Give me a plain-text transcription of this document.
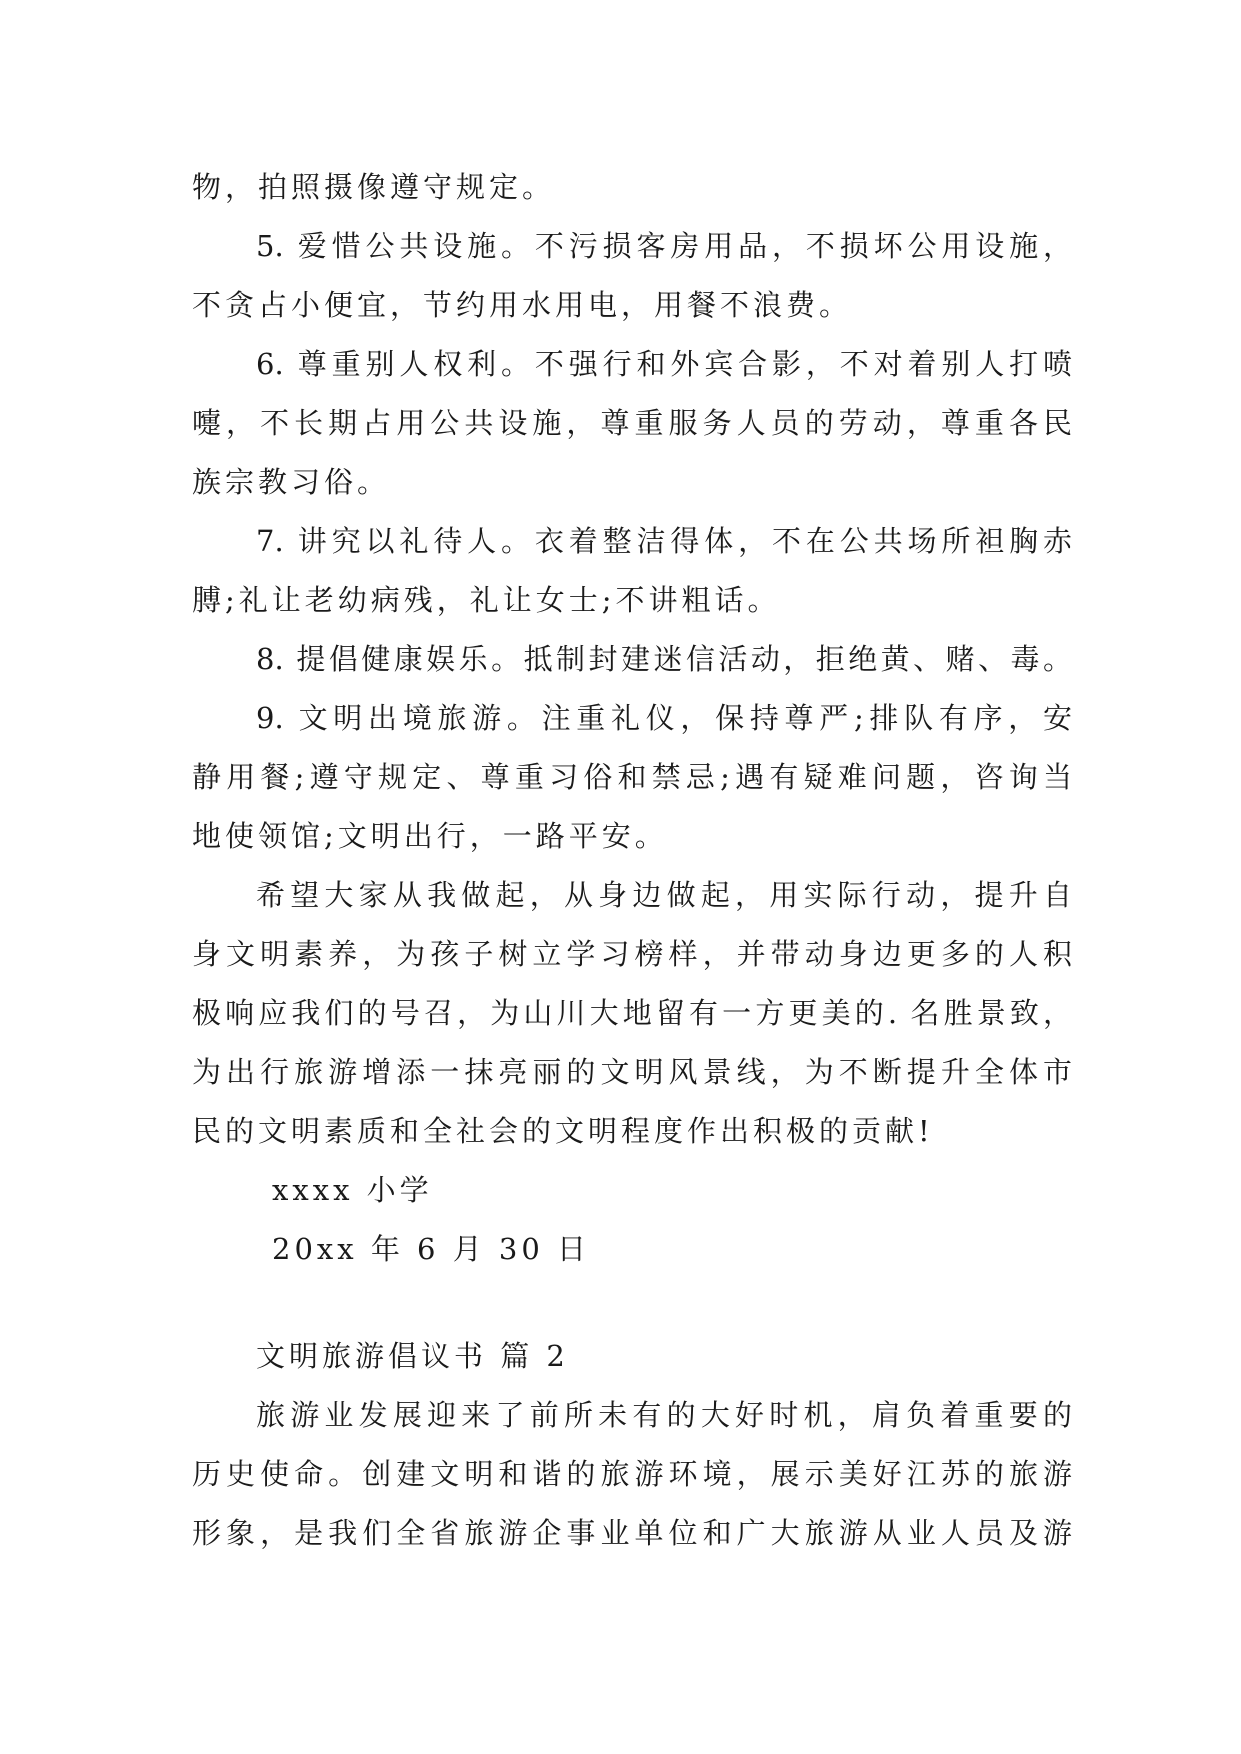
物，拍照摄像遵守规定。
5. 爱惜公共设施。不污损客房用品，不损坏公用设施，
不贪占小便宜，节约用水用电，用餐不浪费。
6. 尊重别人权利。不强行和外宾合影，不对着别人打喷
嚏，不长期占用公共设施，尊重服务人员的劳动，尊重各民
族宗教习俗。
7. 讲究以礼待人。衣着整洁得体，不在公共场所袒胸赤
膊;礼让老幼病残，礼让女士;不讲粗话。
8. 提倡健康娱乐。抵制封建迷信活动，拒绝黄、赌、毒。
9. 文明出境旅游。注重礼仪，保持尊严;排队有序，安
静用餐;遵守规定、尊重习俗和禁忌;遇有疑难问题，咨询当
地使领馆;文明出行，一路平安。
希望大家从我做起，从身边做起，用实际行动，提升自
身文明素养，为孩子树立学习榜样，并带动身边更多的人积
极响应我们的号召，为山川大地留有一方更美的. 名胜景致，
为出行旅游增添一抹亮丽的文明风景线，为不断提升全体市
民的文明素质和全社会的文明程度作出积极的贡献!
xxxx 小学
20xx 年 6 月 30 日
文明旅游倡议书 篇 2
旅游业发展迎来了前所未有的大好时机，肩负着重要的
历史使命。创建文明和谐的旅游环境，展示美好江苏的旅游
形象，是我们全省旅游企事业单位和广大旅游从业人员及游
